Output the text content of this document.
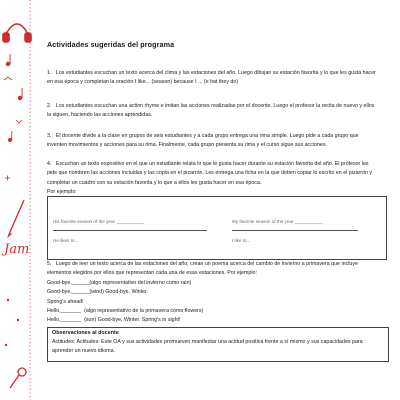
Jam

Actividades sugeridas del programa

1.   Los estudiantes escuchan un texto acerca del clima y las estaciones del año. Luego dibujan su estación favorita y lo que les gusta hacer en esa época y completan la oración I like... (season) because I ... (e hat they do)

2.   Los estudiantes escuchan una action rhyme e imitan las acciones realizadas por el docente. Luego el profesor la recita de nuevo y ellos la siguen, haciendo las acciones aprendidas.

3.   El docente divide a la clase en grupos de seis estudiantes y a cada grupo entrega una rima simple. Luego pide a cada grupo que inventen movimientos y acciones para su rima. Finalmente, cada grupo presenta su rima y el curso sigue sus acciones.

4.   Escuchan un texto expositivo en el que un estudiante relata lo que le gusta hacer durante su estación favorita del año. El profesor les pide que nombren las acciones incluidas y las copia en el pizarrón. Les entrega una ficha en la que deben copiar lo escrito en el pizarrón y completar un cuadro con su estación favorita y lo que a ellos les gusta hacer en esa época.
Por ejemplo:

His favorite season of the year ___________
He likes to...
My favorite season of the year ___________
I like to...

5.   Luego de leer un texto acerca de las estaciones del año, crean un poema acerca del cambio de invierno a primavera que incluye elementos elegidos por ellos que representan cada una de esas estaciones. Por ejemplo:
Good-bye,______(algo representativo del invierno como rain)
Good-bye,______(wind) Good-bye, Winter.
Spring's ahead!
Hello,_______  (algo representativo de la primavera como flowers)
Hello,_______  (sun) Good-bye, Winter. Spring's in sight!

Observaciones al docente
Actitudes: Actitudes: Este OA y sus actividades promueven manifestar una actitud positiva frente a sí mismo y sus capacidades para aprender un nuevo idioma.
